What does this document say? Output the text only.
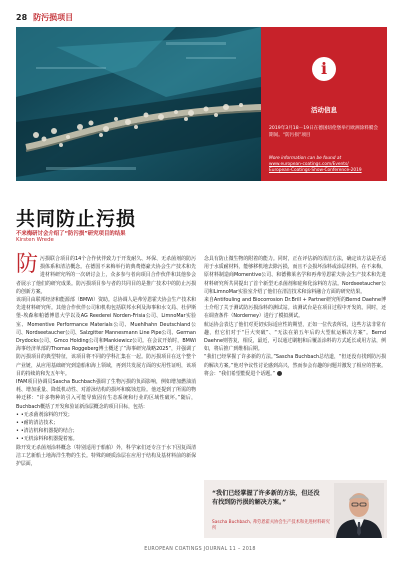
28 防污损项目
i
活动信息
2019年3月18－19日在德国纽伦堡举行欧洲涂料膜会期间。“防污损”项目
More information can be found at
www.european-coatings.com/Events/
European-Coatings-Show-Conference-2019
共同防止污损
不来梅研讨会介绍了“防污损”研究项目的结果
Kirsten Wrede

防污损联合项目的14个合作伙伴致力于开发耐久、环保、无杀菌剂的防污损体系和清洁概念。在德国不来梅举行的典费德豪夫协会生产技术和先进材料研究所的一次研讨会上，众多参与者向项目合作伙伴和其他参会者展示了他们的研究成果。防污损项目参与者的共同目的是推广技术中的防止污损的创新方案。

该项目由联邦经济和能源部（BMWi）资助。总协调人是弗劳恩霍夫协会生产技术和先进材料研究所。其他合作伙伴公司和机构包括联邦水利及海事和水文局、杜伊斯堡-埃森和帕德博恩大学以及AG Reederei Norden-Frisia公司、LimnoMar实验室、Momentive Performance Materials公司、Muehlhahn Deutschland公司、Nordseetaucher公司、Salzgitter Mannesmann Line Pipe公司、German Drydocks公司、Gmco Holding公司和Mankiewicz公司。在会议开始时，BMWi海事经济单部的Thomas Roggeberg博士概述了“海事研究战略2025”，并强调了防污损项目的典型特征，该项目将不同的学科汇集在一起。防污损项目在这个整个产业链，从应用基础研究到造船和海上领域，再到共发展方面的实用性证明，该项目的持续的和先五年年。

IFAM项目协调员Sascha Buchbach强调了生物污损的负面影响，例如增加燃油消耗、增加重量、降低机动性、对游泳结构的损坏和腐蚀危险。他还提到了所需的物种迁移：“许多物种的引入可能导致固有生态系统和行业的区域性破坏。”随后，Buchbach概括了开发和验证新涂层概念的项目目标，包括：

• •无杀菌剂涂料的开发；
• •耐的清洁技术；
• •清洁机和机器提的结合；
• •无机涂料和机器提着塞。

除开发无杀菌剂涂料概念（特别适用于船舶）外，科学家们还专注于水下因复面清洁工艺新船土地海洋生物的生长。特殊的硬质涂层在应用于结构及基材料前的新保护层面，

念具有防止微生物的附着的能力。同时，正在评估新的清洁方法，确定该方法是否适用于水质耐材料，能够移机地去除污损，而且不会损坏涂料或涂层材料。在不来梅，原材料制造商Momentive公司、和德佛莱名学和再弗劳恩霍夫协会生产技术和先进材料研究所共同提出了首个新型无杀菌剂和硅和化涂料的方法。Nordseetaucher公司和LimnoMar实验室介绍了他们在清洁技术和涂料融合方面的研究结果。

来自Antifouling and Biocorrosion Dr.Brill + Partner研究所的Bernd Daehne博士介绍了关于测试防污损涂料的测试站。该测试台是在项目过程中开发的。同时，还在调查条件（Norderney）进行了模拟测试。

航运协会表达了他们对更切实际适应性的期望，正如一位代表所说，这些方法非常有趣，但它们对于“巨大突破”、“无法在第五年后的大型航运解决方案”。Bernd Daehne则答复，相反，最近，可以通过刷粗和后覆盖涂料的方式延长或用方法，例如，将后推广到维相后期。

“我们已经掌握了许多新的方法。”Sascha Buchbach总结道，“但还没有找到防污损的解决方案。”他对争议性讨论感到高兴，然而参会有趣的问题并激发了相应的答案。将会：“我们希望能促进个话题。”

“我们已经掌握了许多新的方法，但还没有找到防污损的解决方案。”
Sascha Buchbach, 弗劳恩霍夫协会生产技术和先进材料研究所
EUROPEAN COATINGS JOURNAL 11 – 2018
